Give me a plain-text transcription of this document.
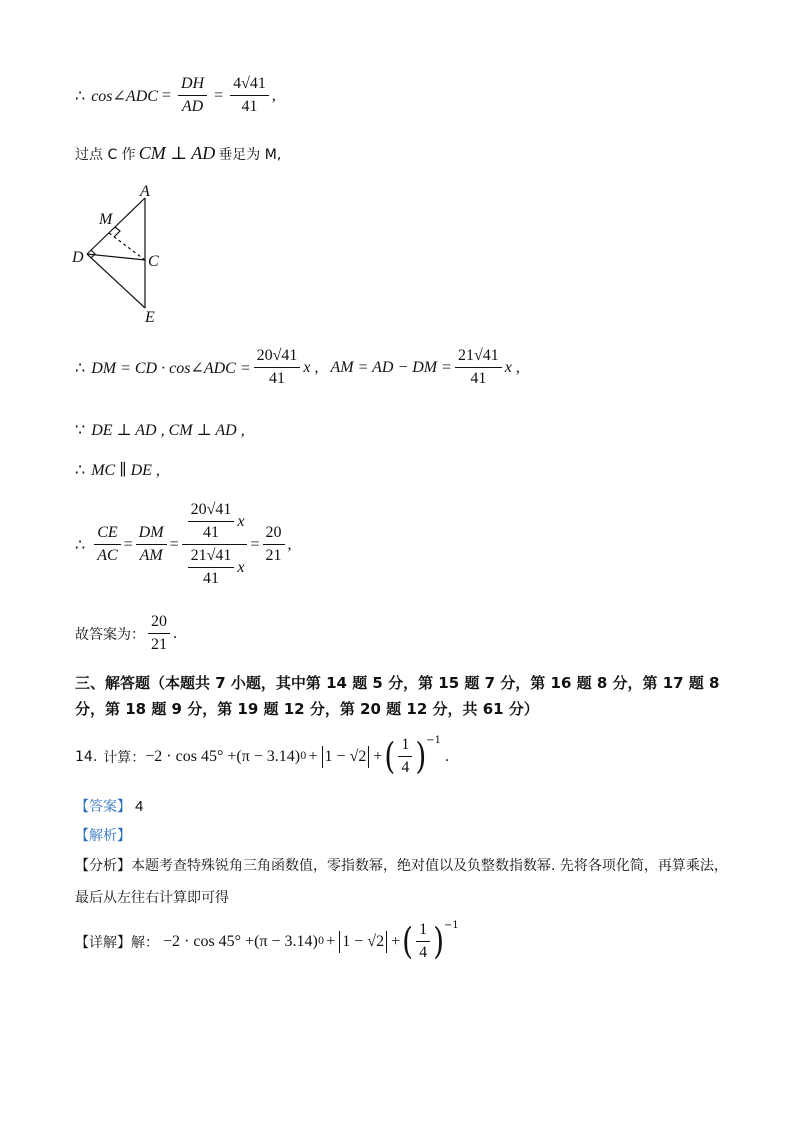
∴ cos∠ADC = $\frac{DH}{AD} = \frac{4√41}{41}$ ,
过点 C 作 CM ⊥ AD 垂足为 M,
A
M
D	C
E
∴ DM = CD · cos∠ADC = $\frac{20√41}{41}$ x , AM = AD − DM = $\frac{21√41}{41}$ x ,
∵ DE ⊥ AD , CM ⊥ AD ,
∴ MC ∥ DE ,
∴ $\frac{CE}{AC} = \frac{DM}{AM} = \frac{\frac{20√41}{41} x}{\frac{21√41}{41} x} = \frac{20}{21}$ ,
故答案为： $\frac{20}{21}$ .
三、解答题（本题共 7 小题，其中第 14 题 5 分，第 15 题 7 分，第 16 题 8 分，第 17 题 8 分，第 18 题 9 分，第 19 题 12 分，第 20 题 12 分，共 61 分）
14. 计算： −2 · cos 45° + (π − 3.14) 0 + 1 − √2 + ( $\frac{1}{4} )^{-1}$
.
【答案】 4
【解析】
【分析】本题考查特殊锐角三角函数值，零指数幂，绝对值以及负整数指数幂. 先将各项化简，再算乘法，
最后从左往右计算即可得
【详解】解： −2 · cos 45° + (π − 3.14) 0 + 1 − √2 + ( $\frac{1}{4} )^{-1}$
